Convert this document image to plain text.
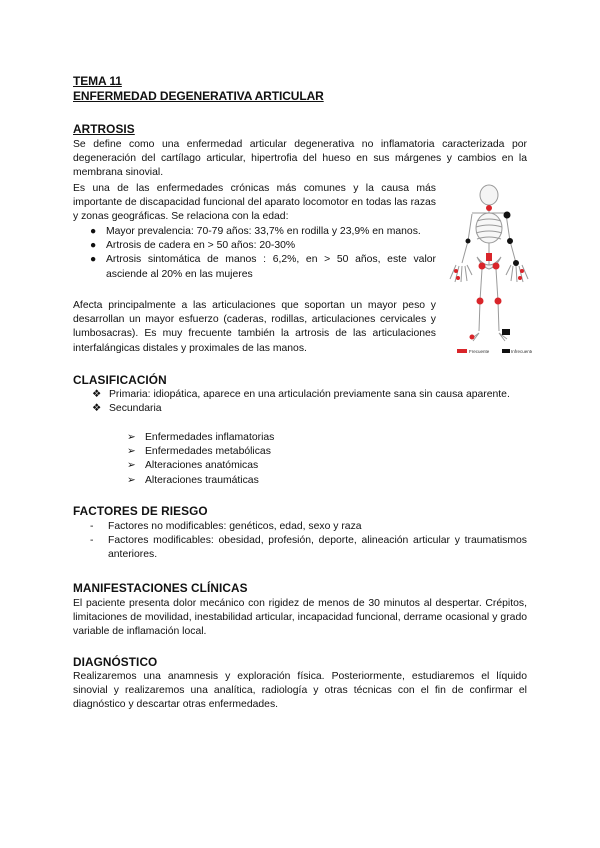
TEMA 11
ENFERMEDAD DEGENERATIVA ARTICULAR
ARTROSIS
Se define como una enfermedad articular degenerativa no inflamatoria caracterizada por degeneración del cartílago articular, hipertrofia del hueso en sus márgenes y cambios en la membrana sinovial.
Es una de las enfermedades crónicas más comunes y la causa más importante de discapacidad funcional del aparato locomotor en todas las razas y zonas geográficas. Se relaciona con la edad:
● Mayor prevalencia: 70-79 años: 33,7% en rodilla y 23,9% en manos.
● Artrosis de cadera en > 50 años: 20-30%
● Artrosis sintomática de manos : 6,2%, en > 50 años, este valor asciende al 20% en las mujeres
Afecta principalmente a las articulaciones que soportan un mayor peso y desarrollan un mayor esfuerzo (caderas, rodillas, articulaciones cervicales y lumbosacras). Es muy frecuente también la artrosis de las articulaciones interfalángicas distales y proximales de las manos.	Frecuente	Infrecuente
CLASIFICACIÓN
❖ Primaria: idiopática, aparece en una articulación previamente sana sin causa aparente.
❖ Secundaria
➢ Enfermedades inflamatorias
➢ Enfermedades metabólicas
➢ Alteraciones anatómicas
➢ Alteraciones traumáticas
FACTORES DE RIESGO
- Factores no modificables: genéticos, edad, sexo y raza
- Factores modificables: obesidad, profesión, deporte, alineación articular y traumatismos anteriores.
MANIFESTACIONES CLÍNICAS
El paciente presenta dolor mecánico con rigidez de menos de 30 minutos al despertar. Crépitos, limitaciones de movilidad, inestabilidad articular, incapacidad funcional, derrame ocasional y grado variable de inflamación local.
DIAGNÓSTICO
Realizaremos una anamnesis y exploración física. Posteriormente, estudiaremos el líquido sinovial y realizaremos una analítica, radiología y otras técnicas con el fin de confirmar el diagnóstico y descartar otras enfermedades.
